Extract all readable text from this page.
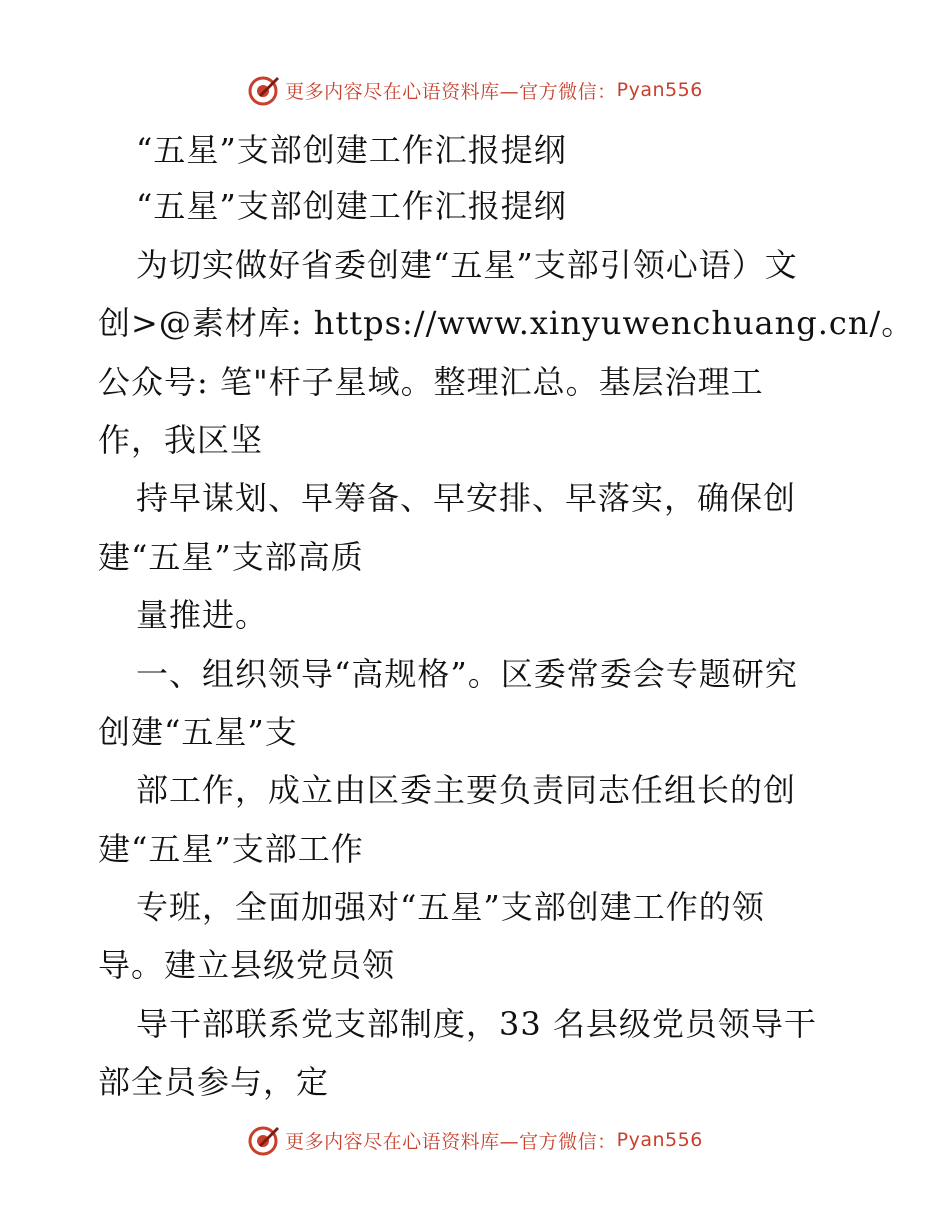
更多内容尽在心语资料库—官方微信： Pyan556
“五星”支部创建工作汇报提纲
“五星”支部创建工作汇报提纲
为切实做好省委创建“五星”支部引领心语）文
创>@素材库: https://www.xinyuwenchuang.cn/。
公众号: 笔"杆子星域。整理汇总。基层治理工
作，我区坚
持早谋划、早筹备、早安排、早落实，确保创
建“五星”支部高质
量推进。
一、组织领导“高规格”。区委常委会专题研究
创建“五星”支
部工作，成立由区委主要负责同志任组长的创
建“五星”支部工作
专班，全面加强对“五星”支部创建工作的领
导。建立县级党员领
导干部联系党支部制度，33 名县级党员领导干
部全员参与，定
更多内容尽在心语资料库—官方微信： Pyan556
